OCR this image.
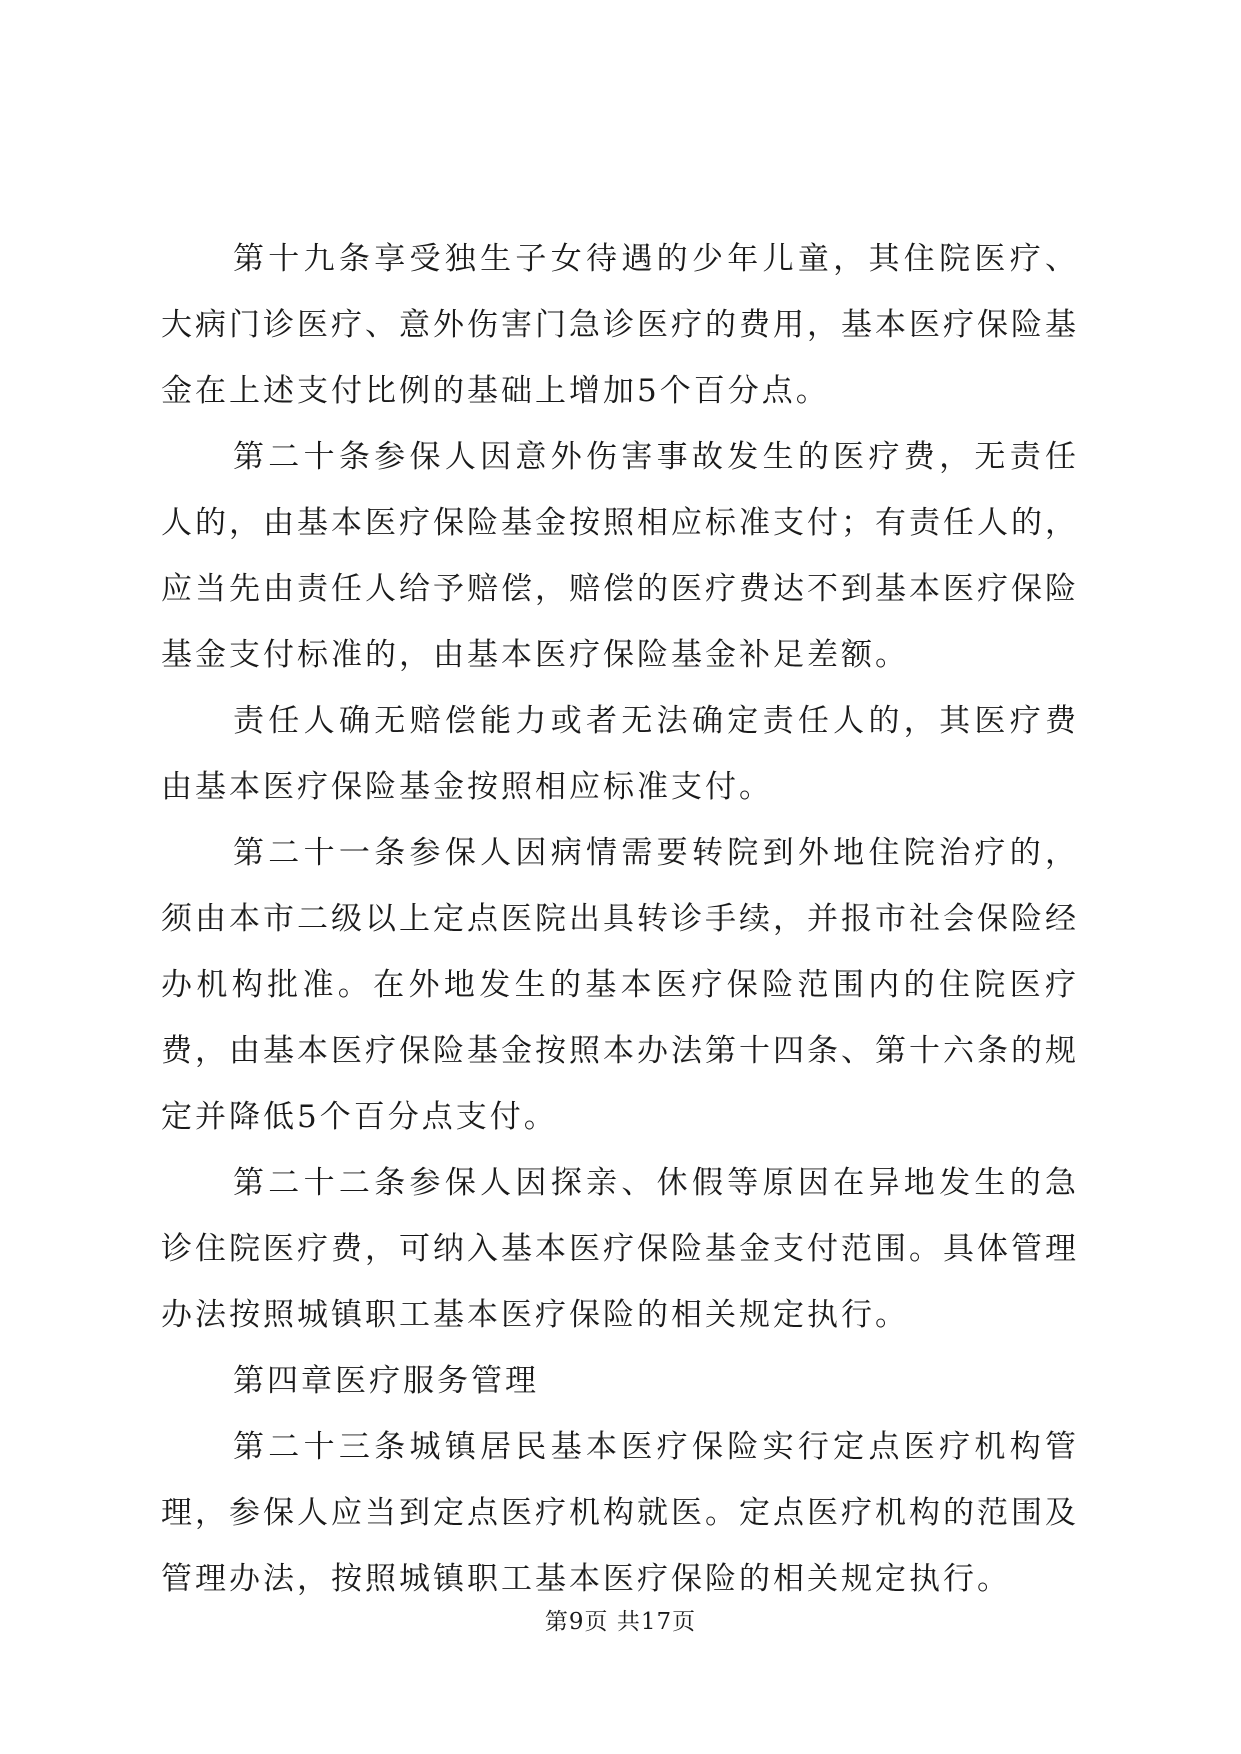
第十九条享受独生子女待遇的少年儿童，其住院医疗、大病门诊医疗、意外伤害门急诊医疗的费用，基本医疗保险基金在上述支付比例的基础上增加5个百分点。

第二十条参保人因意外伤害事故发生的医疗费，无责任人的，由基本医疗保险基金按照相应标准支付；有责任人的，应当先由责任人给予赔偿，赔偿的医疗费达不到基本医疗保险基金支付标准的，由基本医疗保险基金补足差额。

责任人确无赔偿能力或者无法确定责任人的，其医疗费由基本医疗保险基金按照相应标准支付。

第二十一条参保人因病情需要转院到外地住院治疗的，须由本市二级以上定点医院出具转诊手续，并报市社会保险经办机构批准。在外地发生的基本医疗保险范围内的住院医疗费，由基本医疗保险基金按照本办法第十四条、第十六条的规定并降低5个百分点支付。

第二十二条参保人因探亲、休假等原因在异地发生的急诊住院医疗费，可纳入基本医疗保险基金支付范围。具体管理办法按照城镇职工基本医疗保险的相关规定执行。

第四章医疗服务管理

第二十三条城镇居民基本医疗保险实行定点医疗机构管理，参保人应当到定点医疗机构就医。定点医疗机构的范围及管理办法，按照城镇职工基本医疗保险的相关规定执行。

第9页 共17页
